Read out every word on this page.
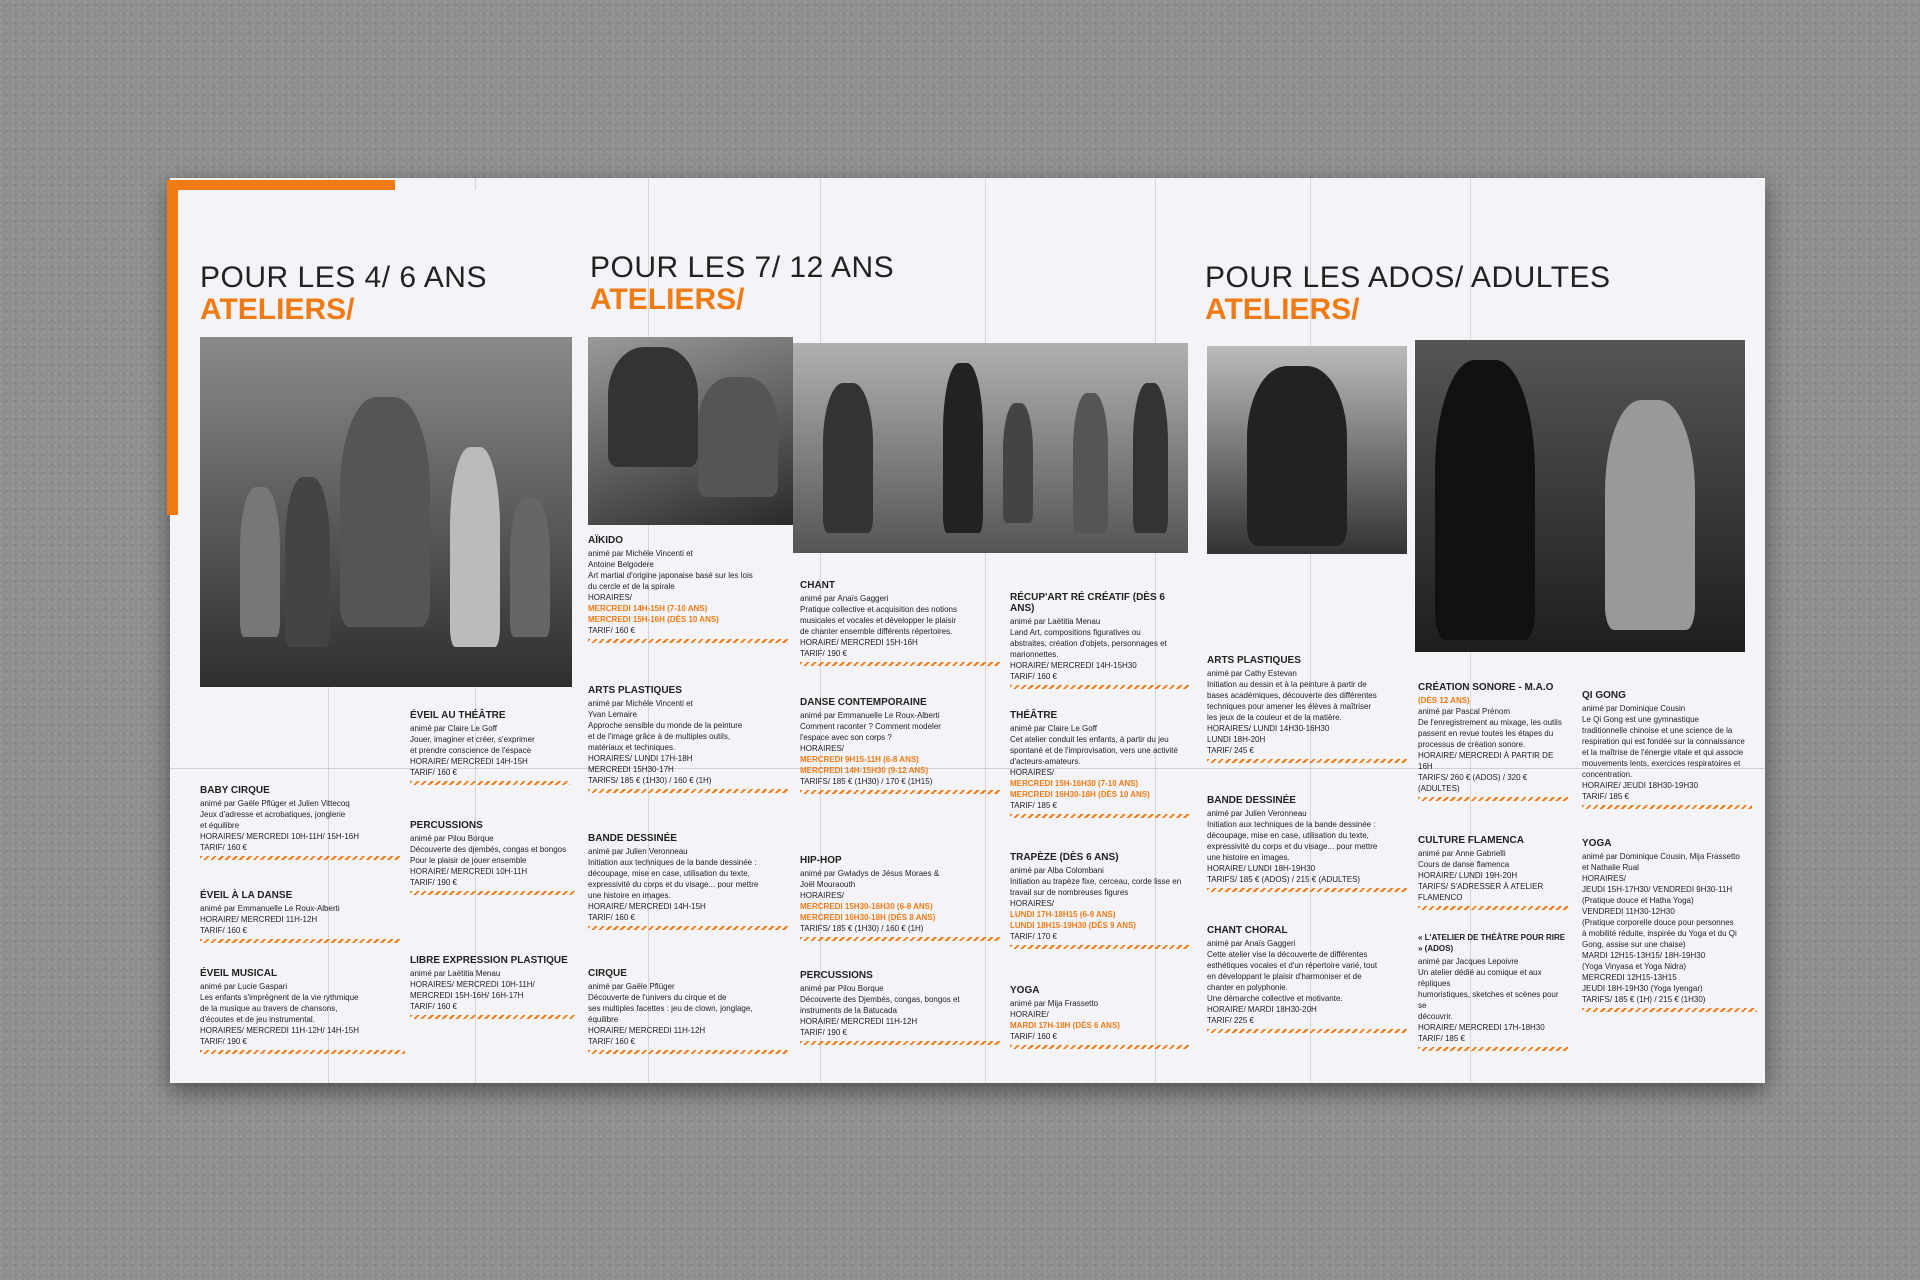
POUR LES 4/ 6 ANS
ATELIERS/
POUR LES 7/ 12 ANS
ATELIERS/
POUR LES ADOS/ ADULTES
ATELIERS/
ÉVEIL AU THÉÂTRE
animé par Claire Le Goff
Jouer, imaginer et créer, s'exprimer
et prendre conscience de l'espace
HORAIRE/ MERCREDI 14H-15H
TARIF/ 160 €
BABY CIRQUE
animé par Gaële Pflüger et Julien Vittecoq
Jeux d'adresse et acrobatiques, jonglerie
et équilibre
HORAIRES/ MERCREDI 10H-11H/ 15H-16H
TARIF/ 160 €
PERCUSSIONS
animé par Pilou Borque
Découverte des djembés, congas et bongos
Pour le plaisir de jouer ensemble
HORAIRE/ MERCREDI 10H-11H
TARIF/ 190 €
ÉVEIL À LA DANSE
animé par Emmanuelle Le Roux-Alberti
HORAIRE/ MERCREDI 11H-12H
TARIF/ 160 €
LIBRE EXPRESSION PLASTIQUE
animé par Laëtitia Menau
HORAIRES/ MERCREDI 10H-11H/
MERCREDI 15H-16H/ 16H-17H
TARIF/ 160 €
ÉVEIL MUSICAL
animé par Lucie Gaspari
Les enfants s'imprègnent de la vie rythmique
de la musique au travers de chansons,
d'écoutes et de jeu instrumental.
HORAIRES/ MERCREDI 11H-12H/ 14H-15H
TARIF/ 190 €
AÏKIDO
animé par Michèle Vincenti et
Antoine Belgodere
Art martial d'origine japonaise basé sur les lois
du cercle et de la spirale
HORAIRES/
MERCREDI 14H-15H (7-10 ANS)
MERCREDI 15H-16H (DÈS 10 ANS)
TARIF/ 160 €
ARTS PLASTIQUES
animé par Michèle Vincenti et
Yvan Lemaire
Approche sensible du monde de la peinture
et de l'image grâce à de multiples outils,
matériaux et techniques.
HORAIRES/ LUNDI 17H-18H
MERCREDI 15H30-17H
TARIFS/ 185 € (1H30) / 160 € (1H)
BANDE DESSINÉE
animé par Julien Veronneau
Initiation aux techniques de la bande dessinée :
découpage, mise en case, utilisation du texte,
expressivité du corps et du visage... pour mettre
une histoire en images.
HORAIRE/ MERCREDI 14H-15H
TARIF/ 160 €
CIRQUE
animé par Gaële Pflüger
Découverte de l'univers du cirque et de
ses multiples facettes : jeu de clown, jonglage,
équilibre
HORAIRE/ MERCREDI 11H-12H
TARIF/ 160 €
CHANT
animé par Anaïs Gaggeri
Pratique collective et acquisition des notions
musicales et vocales et développer le plaisir
de chanter ensemble différents répertoires.
HORAIRE/ MERCREDI 15H-16H
TARIF/ 190 €
DANSE CONTEMPORAINE
animé par Emmanuelle Le Roux-Alberti
Comment raconter ? Comment modeler
l'espace avec son corps ?
HORAIRES/
MERCREDI 9H15-11H (6-8 ANS)
MERCREDI 14H-15H30 (9-12 ANS)
TARIFS/ 185 € (1H30) / 170 € (1H15)
HIP-HOP
animé par Gwladys de Jésus Moraes &
Joël Mouraouth
HORAIRES/
MERCREDI 15H30-16H30 (6-8 ANS)
MERCREDI 16H30-18H (DÈS 8 ANS)
TARIFS/ 185 € (1H30) / 160 € (1H)
PERCUSSIONS
animé par Pilou Borque
Découverte des Djembés, congas, bongos et
instruments de la Batucada
HORAIRE/ MERCREDI 11H-12H
TARIF/ 190 €
RÉCUP'ART RÉ CRÉATIF (DÈS 6 ANS)
animé par Laëtitia Menau
Land Art, compositions figuratives ou
abstraites, création d'objets, personnages et
marionnettes.
HORAIRE/ MERCREDI 14H-15H30
TARIF/ 160 €
THÉÂTRE
animé par Claire Le Goff
Cet atelier conduit les enfants, à partir du jeu
spontané et de l'improvisation, vers une activité
d'acteurs-amateurs.
HORAIRES/
MERCREDI 15H-16H30 (7-10 ANS)
MERCREDI 16H30-18H (DÈS 10 ANS)
TARIF/ 185 €
TRAPÈZE (DÈS 6 ANS)
animé par Alba Colombani
Initiation au trapèze fixe, cerceau, corde lisse en
travail sur de nombreuses figures
HORAIRES/
LUNDI 17H-18H15 (6-9 ANS)
LUNDI 18H15-19H30 (DÈS 9 ANS)
TARIF/ 170 €
YOGA
animé par Mija Frassetto
HORAIRE/
MARDI 17H-18H (DÈS 6 ANS)
TARIF/ 160 €
ARTS PLASTIQUES
animé par Cathy Estevan
Initiation au dessin et à la peinture à partir de
bases académiques, découverte des différentes
techniques pour amener les élèves à maîtriser
les jeux de la couleur et de la matière.
HORAIRES/ LUNDI 14H30-16H30
LUNDI 18H-20H
TARIF/ 245 €
BANDE DESSINÉE
animé par Julien Veronneau
Initiation aux techniques de la bande dessinée :
découpage, mise en case, utilisation du texte,
expressivité du corps et du visage... pour mettre
une histoire en images.
HORAIRE/ LUNDI 18H-19H30
TARIFS/ 185 € (ADOS) / 215 € (ADULTES)
CHANT CHORAL
animé par Anaïs Gaggeri
Cette atelier vise la découverte de différentes
esthétiques vocales et d'un répertoire varié, tout
en développant le plaisir d'harmoniser et de
chanter en polyphonie.
Une démarche collective et motivante.
HORAIRE/ MARDI 18H30-20H
TARIF/ 225 €
CRÉATION SONORE - M.A.O
(DÈS 12 ANS)
animé par Pascal Prénom
De l'enregistrement au mixage, les outils
passent en revue toutes les étapes du
processus de création sonore.
HORAIRE/ MERCREDI À PARTIR DE 16H
TARIFS/ 260 € (ADOS) / 320 € (ADULTES)
CULTURE FLAMENCA
animé par Anne Gabrielli
Cours de danse flamenca
HORAIRE/ LUNDI 19H-20H
TARIFS/ S'ADRESSER À ATELIER FLAMENCO
« L'ATELIER DE THÉÂTRE POUR RIRE » (ADOS)
animé par Jacques Lepoivre
Un atelier dédié au comique et aux répliques
humoristiques, sketches et scènes pour se
découvrir.
HORAIRE/ MERCREDI 17H-18H30
TARIF/ 185 €
QI GONG
animé par Dominique Cousin
Le Qi Gong est une gymnastique
traditionnelle chinoise et une science de la
respiration qui est fondée sur la connaissance
et la maîtrise de l'énergie vitale et qui associe
mouvements lents, exercices respiratoires et
concentration.
HORAIRE/ JEUDI 18H30-19H30
TARIF/ 185 €
YOGA
animé par Dominique Cousin, Mija Frassetto
et Nathalie Rual
HORAIRES/
JEUDI 15H-17H30/ VENDREDI 9H30-11H
(Pratique douce et Hatha Yoga)
VENDREDI 11H30-12H30
(Pratique corporelle douce pour personnes
à mobilité réduite, inspirée du Yoga et du Qi
Gong, assise sur une chaise)
MARDI 12H15-13H15/ 18H-19H30
(Yoga Vinyasa et Yoga Nidra)
MERCREDI 12H15-13H15
JEUDI 18H-19H30 (Yoga Iyengar)
TARIFS/ 185 € (1H) / 215 € (1H30)
